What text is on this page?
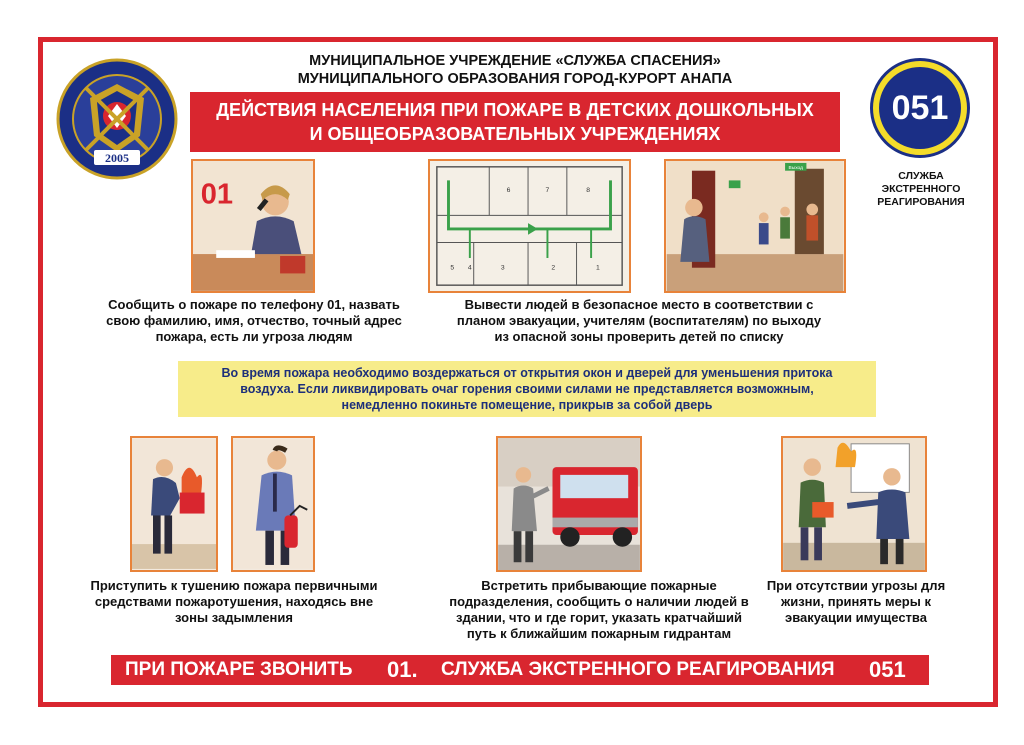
2005
МУНИЦИПАЛЬНОЕ УЧРЕЖДЕНИЕ «СЛУЖБА СПАСЕНИЯ»
МУНИЦИПАЛЬНОГО ОБРАЗОВАНИЯ ГОРОД-КУРОРТ АНАПА
ДЕЙСТВИЯ НАСЕЛЕНИЯ ПРИ ПОЖАРЕ В ДЕТСКИХ ДОШКОЛЬНЫХ
И ОБЩЕОБРАЗОВАТЕЛЬНЫХ УЧРЕЖДЕНИЯХ
051
СЛУЖБА
ЭКСТРЕННОГО
РЕАГИРОВАНИЯ
01
Сообщить о пожаре по телефону 01, назвать
свою фамилию, имя, отчество, точный адрес
пожара, есть ли угроза людям
6	7	8
5 4	3	2	1
Выход
Вывести людей в безопасное место в соответствии с
планом эвакуации, учителям (воспитателям) по выходу
из опасной зоны проверить детей по списку
Во время пожара необходимо воздержаться от открытия окон и дверей для уменьшения притока
воздуха. Если ликвидировать очаг горения своими силами не представляется возможным,
немедленно покиньте помещение, прикрыв за собой дверь
Приступить к тушению пожара первичными
средствами пожаротушения, находясь вне
зоны задымления
Встретить прибывающие пожарные
подразделения, сообщить о наличии людей в
здании, что и где горит, указать кратчайший
путь к ближайшим пожарным гидрантам
При отсутствии угрозы для
жизни, принять меры к
эвакуации имущества
ПРИ ПОЖАРЕ ЗВОНИТЬ 01. СЛУЖБА ЭКСТРЕННОГО РЕАГИРОВАНИЯ 051
